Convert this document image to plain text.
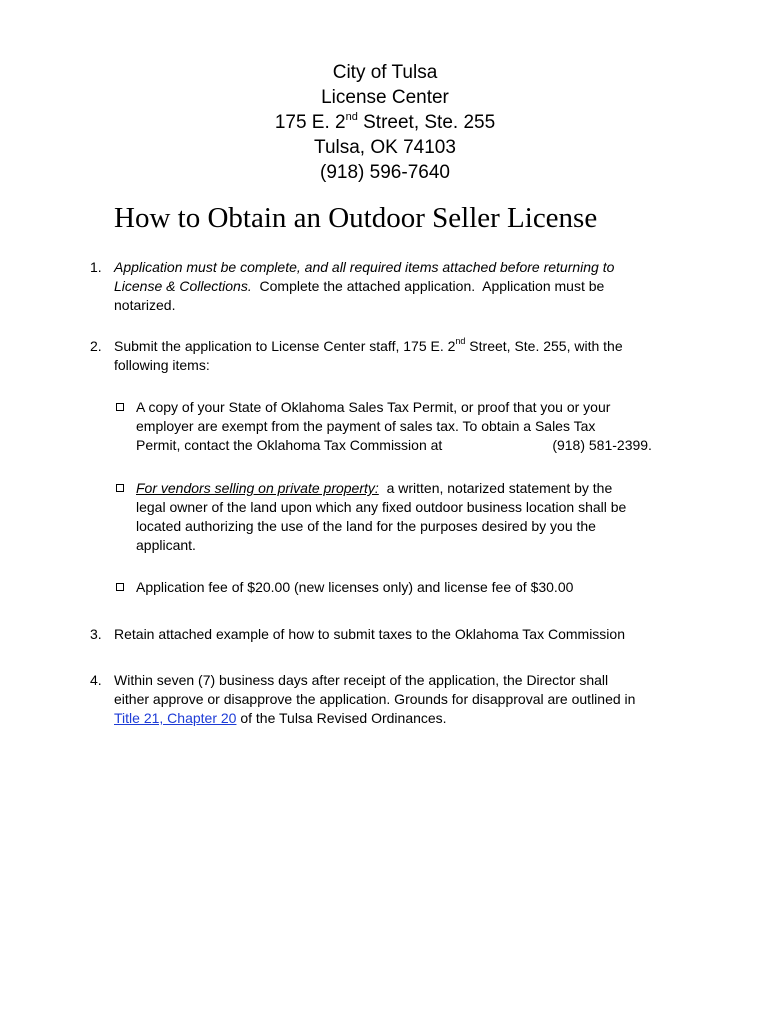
City of Tulsa
License Center
175 E. 2nd Street, Ste. 255
Tulsa, OK 74103
(918) 596-7640
How to Obtain an Outdoor Seller License
1. Application must be complete, and all required items attached before returning to
License & Collections.  Complete the attached application.  Application must be
notarized.
2. Submit the application to License Center staff, 175 E. 2nd Street, Ste. 255, with the
following items:
A copy of your State of Oklahoma Sales Tax Permit, or proof that you or your
employer are exempt from the payment of sales tax. To obtain a Sales Tax
Permit, contact the Oklahoma Tax Commission at	(918) 581-2399.
For vendors selling on private property:  a written, notarized statement by the
legal owner of the land upon which any fixed outdoor business location shall be
located authorizing the use of the land for the purposes desired by you the
applicant.
Application fee of $20.00 (new licenses only) and license fee of $30.00
3. Retain attached example of how to submit taxes to the Oklahoma Tax Commission
4. Within seven (7) business days after receipt of the application, the Director shall
either approve or disapprove the application. Grounds for disapproval are outlined in
Title 21, Chapter 20 of the Tulsa Revised Ordinances.
